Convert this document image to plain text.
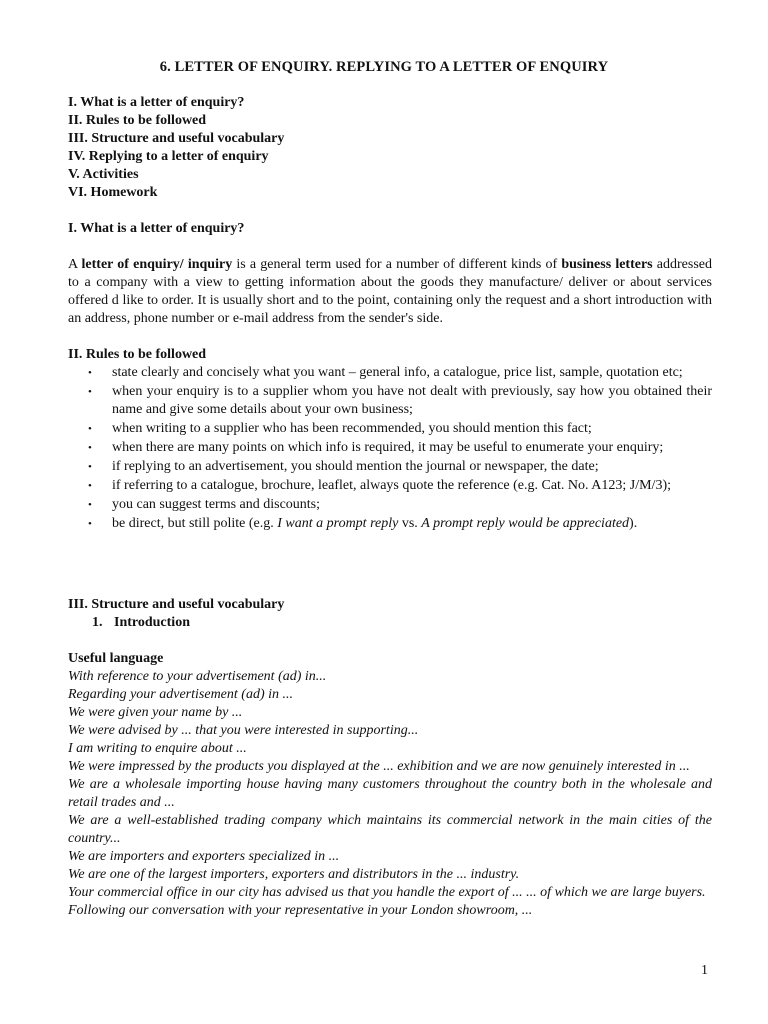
6. LETTER OF ENQUIRY. REPLYING TO A LETTER OF ENQUIRY
I. What is a letter of enquiry?
II. Rules to be followed
III. Structure and useful vocabulary
IV. Replying to a letter of enquiry
V. Activities
VI. Homework
I. What is a letter of enquiry?

A letter of enquiry/ inquiry is a general term used for a number of different kinds of business letters addressed to a company with a view to getting information about the goods they manufacture/ deliver or about services offered d like to order. It is usually short and to the point, containing only the request and a short introduction with an address, phone number or e-mail address from the sender's side.

II. Rules to be followed
• state clearly and concisely what you want – general info, a catalogue, price list, sample, quotation etc;
• when your enquiry is to a supplier whom you have not dealt with previously, say how you obtained their name and give some details about your own business;
• when writing to a supplier who has been recommended, you should mention this fact;
• when there are many points on which info is required, it may be useful to enumerate your enquiry;
• if replying to an advertisement, you should mention the journal or newspaper, the date;
• if referring to a catalogue, brochure, leaflet, always quote the reference (e.g. Cat. No. A123; J/M/3);
• you can suggest terms and discounts;
• be direct, but still polite (e.g. I want a prompt reply vs. A prompt reply would be appreciated).
III. Structure and useful vocabulary
1. Introduction
Useful language
With reference to your advertisement (ad) in...
Regarding your advertisement (ad) in ...
We were given your name by ...
We were advised by ... that you were interested in supporting...
I am writing to enquire about ...
We were impressed by the products you displayed at the ... exhibition and we are now genuinely interested in ...
We are a wholesale importing house having many customers throughout the country both in the wholesale and retail trades and ...
We are a well-established trading company which maintains its commercial network in the main cities of the country...
We are importers and exporters specialized in ...
We are one of the largest importers, exporters and distributors in the ... industry.
Your commercial office in our city has advised us that you handle the export of ... ... of which we are large buyers.
Following our conversation with your representative in your London showroom, ...
1
